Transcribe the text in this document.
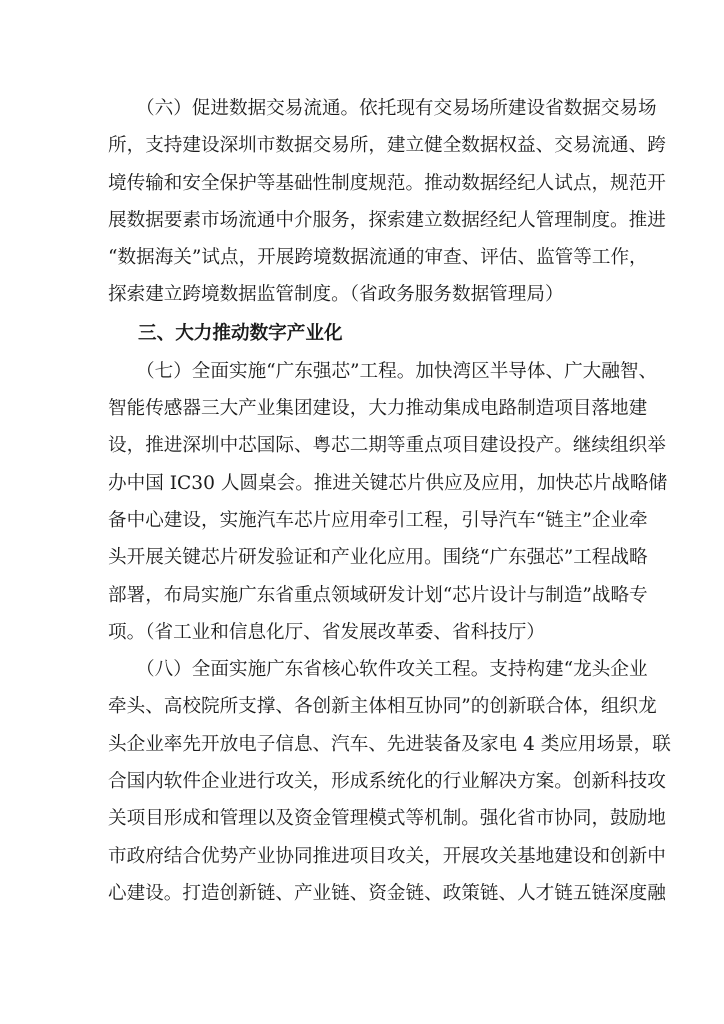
（六）促进数据交易流通。依托现有交易场所建设省数据交易场
所，支持建设深圳市数据交易所，建立健全数据权益、交易流通、跨
境传输和安全保护等基础性制度规范。推动数据经纪人试点，规范开
展数据要素市场流通中介服务，探索建立数据经纪人管理制度。推进
“数据海关”试点，开展跨境数据流通的审查、评估、监管等工作，
探索建立跨境数据监管制度。（省政务服务数据管理局）
三、大力推动数字产业化
（七）全面实施“广东强芯”工程。加快湾区半导体、广大融智、
智能传感器三大产业集团建设，大力推动集成电路制造项目落地建
设，推进深圳中芯国际、粤芯二期等重点项目建设投产。继续组织举
办中国 IC30 人圆桌会。推进关键芯片供应及应用，加快芯片战略储
备中心建设，实施汽车芯片应用牵引工程，引导汽车“链主”企业牵
头开展关键芯片研发验证和产业化应用。围绕“广东强芯”工程战略
部署，布局实施广东省重点领域研发计划“芯片设计与制造”战略专
项。（省工业和信息化厅、省发展改革委、省科技厅）
（八）全面实施广东省核心软件攻关工程。支持构建“龙头企业
牵头、高校院所支撑、各创新主体相互协同”的创新联合体，组织龙
头企业率先开放电子信息、汽车、先进装备及家电 4 类应用场景，联
合国内软件企业进行攻关，形成系统化的行业解决方案。创新科技攻
关项目形成和管理以及资金管理模式等机制。强化省市协同，鼓励地
市政府结合优势产业协同推进项目攻关，开展攻关基地建设和创新中
心建设。打造创新链、产业链、资金链、政策链、人才链五链深度融
